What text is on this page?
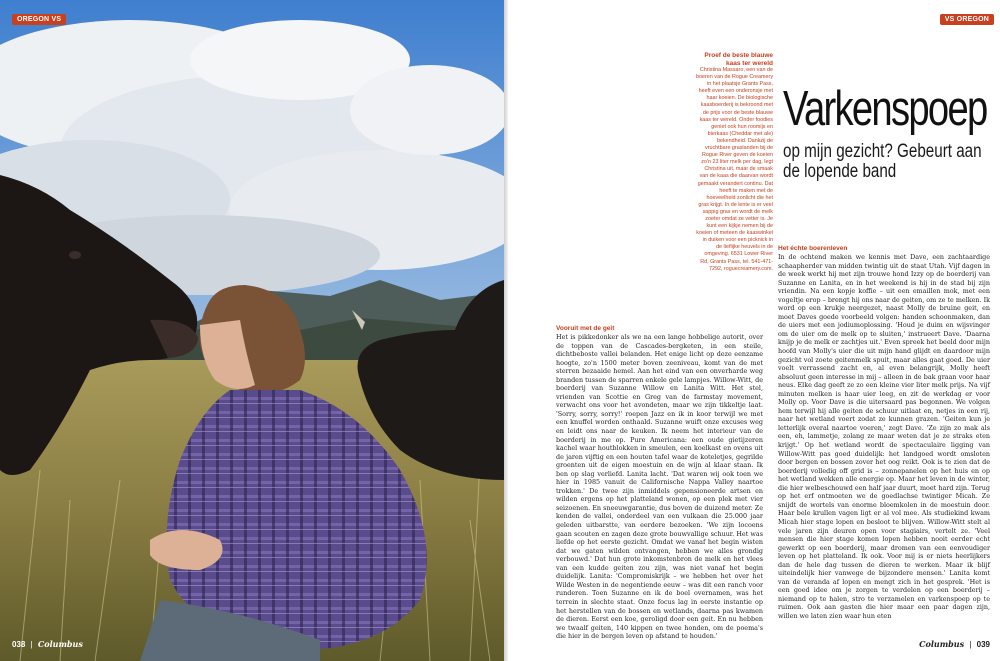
OREGON VS
038 | Columbus
VS OREGON
Proef de beste blauwe kaas ter wereld
Christina Massaro, een van de boeren van de Rogue Creamery in het plaatsje Grants Pass, heeft even een onderonsje met haar koeien. De biologische kaasboerderij is bekroond met de prijs voor de beste blauwe kaas ter wereld. Onder foodies geniet ook hun roomijs en bierkaas (Cheddar met ale) bekendheid. Dankzij de vruchtbare graslanden bij de Rogue River geven de koeien zo'n 23 liter melk per dag, legt Christina uit, maar de smaak van de kaas die daarvan wordt gemaakt verandert continu. Dat heeft te maken met de hoeveelheid zonlicht die het gras krijgt. In de lente is er veel sappig gras en wordt de melk zoeter omdat ze vetter is. Je kunt een kijkje nemen bij de koeien of meteen de kaaswinkel in duiken voor een picknick in de lieflijke heuvels in de omgeving. 6531 Lower River Rd, Grants Pass, tel. 541-471-7292, roguecreamery.com.
Varkenspoep
op mijn gezicht? Gebeurt aan de lopende band
Vooruit met de geit

Het is pikkedonker als we na een lange hobbelige autorit, over de toppen van de Cascades-bergketen, in een steile, dichtbeboste vallei belanden. Het enige licht op deze eenzame hoogte, zo'n 1500 meter boven zeeniveau, komt van de met sterren bezaaide hemel. Aan het eind van een onverharde weg branden tussen de sparren enkele gele lampjes. Willow-Witt, de boerderij van Suzanne Willow en Lanita Witt. Het stel, vrienden van Scottie en Greg van de farmstay movement, verwacht ons voor het avondeten, maar we zijn tikkeltje laat. 'Sorry, sorry, sorry!' roepen Jazz en ik in koor terwijl we met een knuffel worden onthaald. Suzanne wuift onze excuses weg en leidt ons naar de keuken. Ik neem het interieur van de boerderij in me op. Pure Americana: een oude gietijzeren kachel waar houtblokken in smeulen, een koelkast en ovens uit de jaren vijftig en een houten tafel waar de koteletjes, gegrilde groenten uit de eigen moestuin en de wijn al klaar staan. Ik ben op slag verliefd. Lanita lacht. 'Dat waren wij ook toen we hier in 1985 vanuit de Californische Nappa Valley naartoe trokken.' De twee zijn inmiddels gepensioneerde artsen en wilden ergens op het platteland wonen, op een plek met vier seizoenen. En sneeuwgarantie, dus boven de duizend meter. Ze kenden de vallei, onderdeel van een vulkaan die 25.000 jaar geleden uitbarstte, van eerdere bezoeken. 'We zijn locoens gaan scouten en zagen deze grote bouwvallige schuur. Het was liefde op het eerste gezicht. Omdat we vanaf het begin wisten dat we gaten wilden ontvangen, hebben we alles grondig verbouwd.' Dat hun grote inkomstenbron de melk en het vlees van een kudde geiten zou zijn, was niet vanaf het begin duidelijk. Lanita: 'Compromiskrijk – we hebben het over het Wilde Westen in de negentiende eeuw – was dit een ranch voor runderen. Toen Suzanne en ik de boel overnamen, was het terrein in slechte staat. Onze focus lag in eerste instantie op het herstellen van de bossen en wetlands, daarna pas kwamen de dieren. Eerst een koe, geroligd door een geit. En nu hebben we twaalf geiten, 140 kippen en twee honden, om de poema's die hier in de bergen leven op afstand te houden.'

Het échte boerenleven

In de ochtend maken we kennis met Dave, een zachtaardige schaapherder van midden twintig uit de staat Utah. Vijf dagen in de week werkt hij met zijn trouwe hond Izzy op de boerderij van Suzanne en Lanita, en in het weekend is hij in de stad bij zijn vriendin. Na een kopje koffie – uit een emaillen mok, met een vogeltje erop – brengt hij ons naar de geiten, om ze te melken. Ik word op een krukje neergezet, naast Molly de bruine geit, en moet Daves goede voorbeeld volgen: handen schoonmaken, dan de uiers met een jodiumoplossing. 'Houd je duim en wijsvinger om de uier om de melk op te sluiten,' instrueert Dave. 'Daarna knijp je de melk er zachtjes uit.' Even spreek het beeld door mijn hoofd van Molly's uier die uit mijn hand glijdt en daardoor mijn gezicht vol zoete geitenmelk spuit, maar alles gaat goed. De uier voelt verrassend zacht en, al even belangrijk, Molly heeft absoluut geen interesse in mij – alleen in de bak graan voor haar neus. Elke dag geeft ze zo een kleine vier liter melk prijs. Na vijf minuten melken is haar uier leeg, en zit de werkdag er voor Molly op. Voor Dave is die uitersaard pas begonnen. We volgen hem terwijl hij alle geiten de schuur uitlaat en, netjes in een rij, naar het wetland voert zodat ze kunnen grazen. 'Geiten kun je letterlijk overal naartoe voeren,' zegt Dave. 'Ze zijn zo mak als een, eh, lammetje, zolang ze maar weten dat je ze straks eten krijgt.' Op het wetland wordt de spectaculaire ligging van Willow-Witt pas goed duidelijk: het landgoed wordt omsloten door bergen en bossen zover het oog reikt. Ook is te zien dat de boerderij volledig off grid is – zonnepanelen op het huis en op het wetland wekken alle energie op. Maar het leven in de winter, die hier welbeschouwd een half jaar duurt, moet hard zijn. Terug op het erf ontmoeten we de goedlachse twintiger Micah. Ze snijdt de wortels van enorme bloemkolen in de moestuin door. Haar bele krullen vagen ligt er al vol mee. Als studiekind kwam Micah hier stage lopen en besloot te blijven. Willow-Witt stelt al vele jaren zijn deuren open voor stagiairs, vertelt ze. 'Veel mensen die hier stage komen lopen hebben nooit eerder echt gewerkt op een boerderij, maar dromen van een eenvoudiger leven op het platteland. Ik ook. Voor mij is er niets heerlijkers dan de hele dag tussen de dieren te werken. Maar ik blijf uiteindelijk hier vanwege de bijzondere mensen.' Lanita komt van de veranda af lopen en mengt zich in het gesprek. 'Het is een goed idee om je zorgen te verdelen op een boerderij – niemand op te halen, stro te verzamelen en varkenspoep op te ruimen. Ook aan gasten die hier maar een paar dagen zijn, willen we laten zien waar hun eten

Columbus | 039
